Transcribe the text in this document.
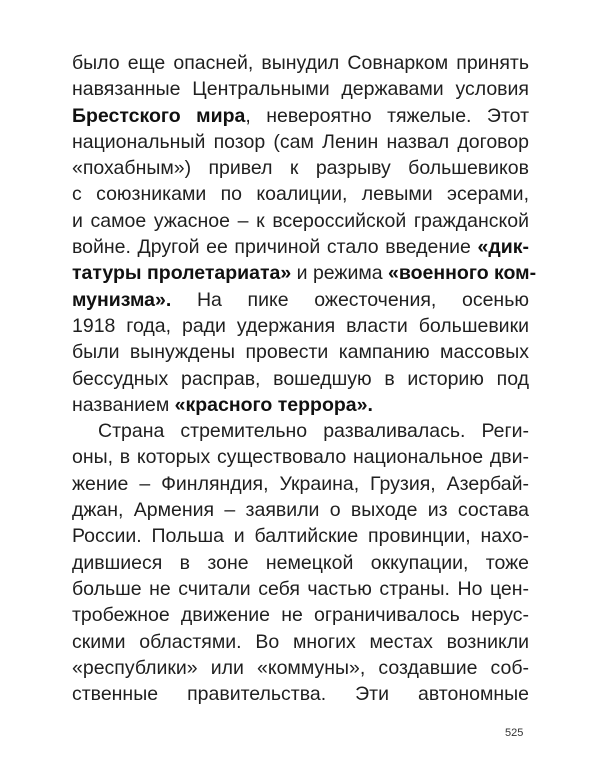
было еще опасней, вынудил Совнарком принять
навязанные Центральными державами условия
Брестского мира, невероятно тяжелые. Этот
национальный позор (сам Ленин назвал договор
«похабным») привел к разрыву большевиков
с союзниками по коалиции, левыми эсерами,
и самое ужасное – к всероссийской гражданской
войне. Другой ее причиной стало введение «дик-
татуры пролетариата» и режима «военного ком-
мунизма». На пике ожесточения, осенью
1918 года, ради удержания власти большевики
были вынуждены провести кампанию массовых
бессудных расправ, вошедшую в историю под
названием «красного террора».
Страна стремительно разваливалась. Реги-
оны, в которых существовало национальное дви-
жение – Финляндия, Украина, Грузия, Азербай-
джан, Армения – заявили о выходе из состава
России. Польша и балтийские провинции, нахо-
дившиеся в зоне немецкой оккупации, тоже
больше не считали себя частью страны. Но цен-
тробежное движение не ограничивалось нерус-
скими областями. Во многих местах возникли
«республики» или «коммуны», создавшие соб-
ственные правительства. Эти автономные
525
